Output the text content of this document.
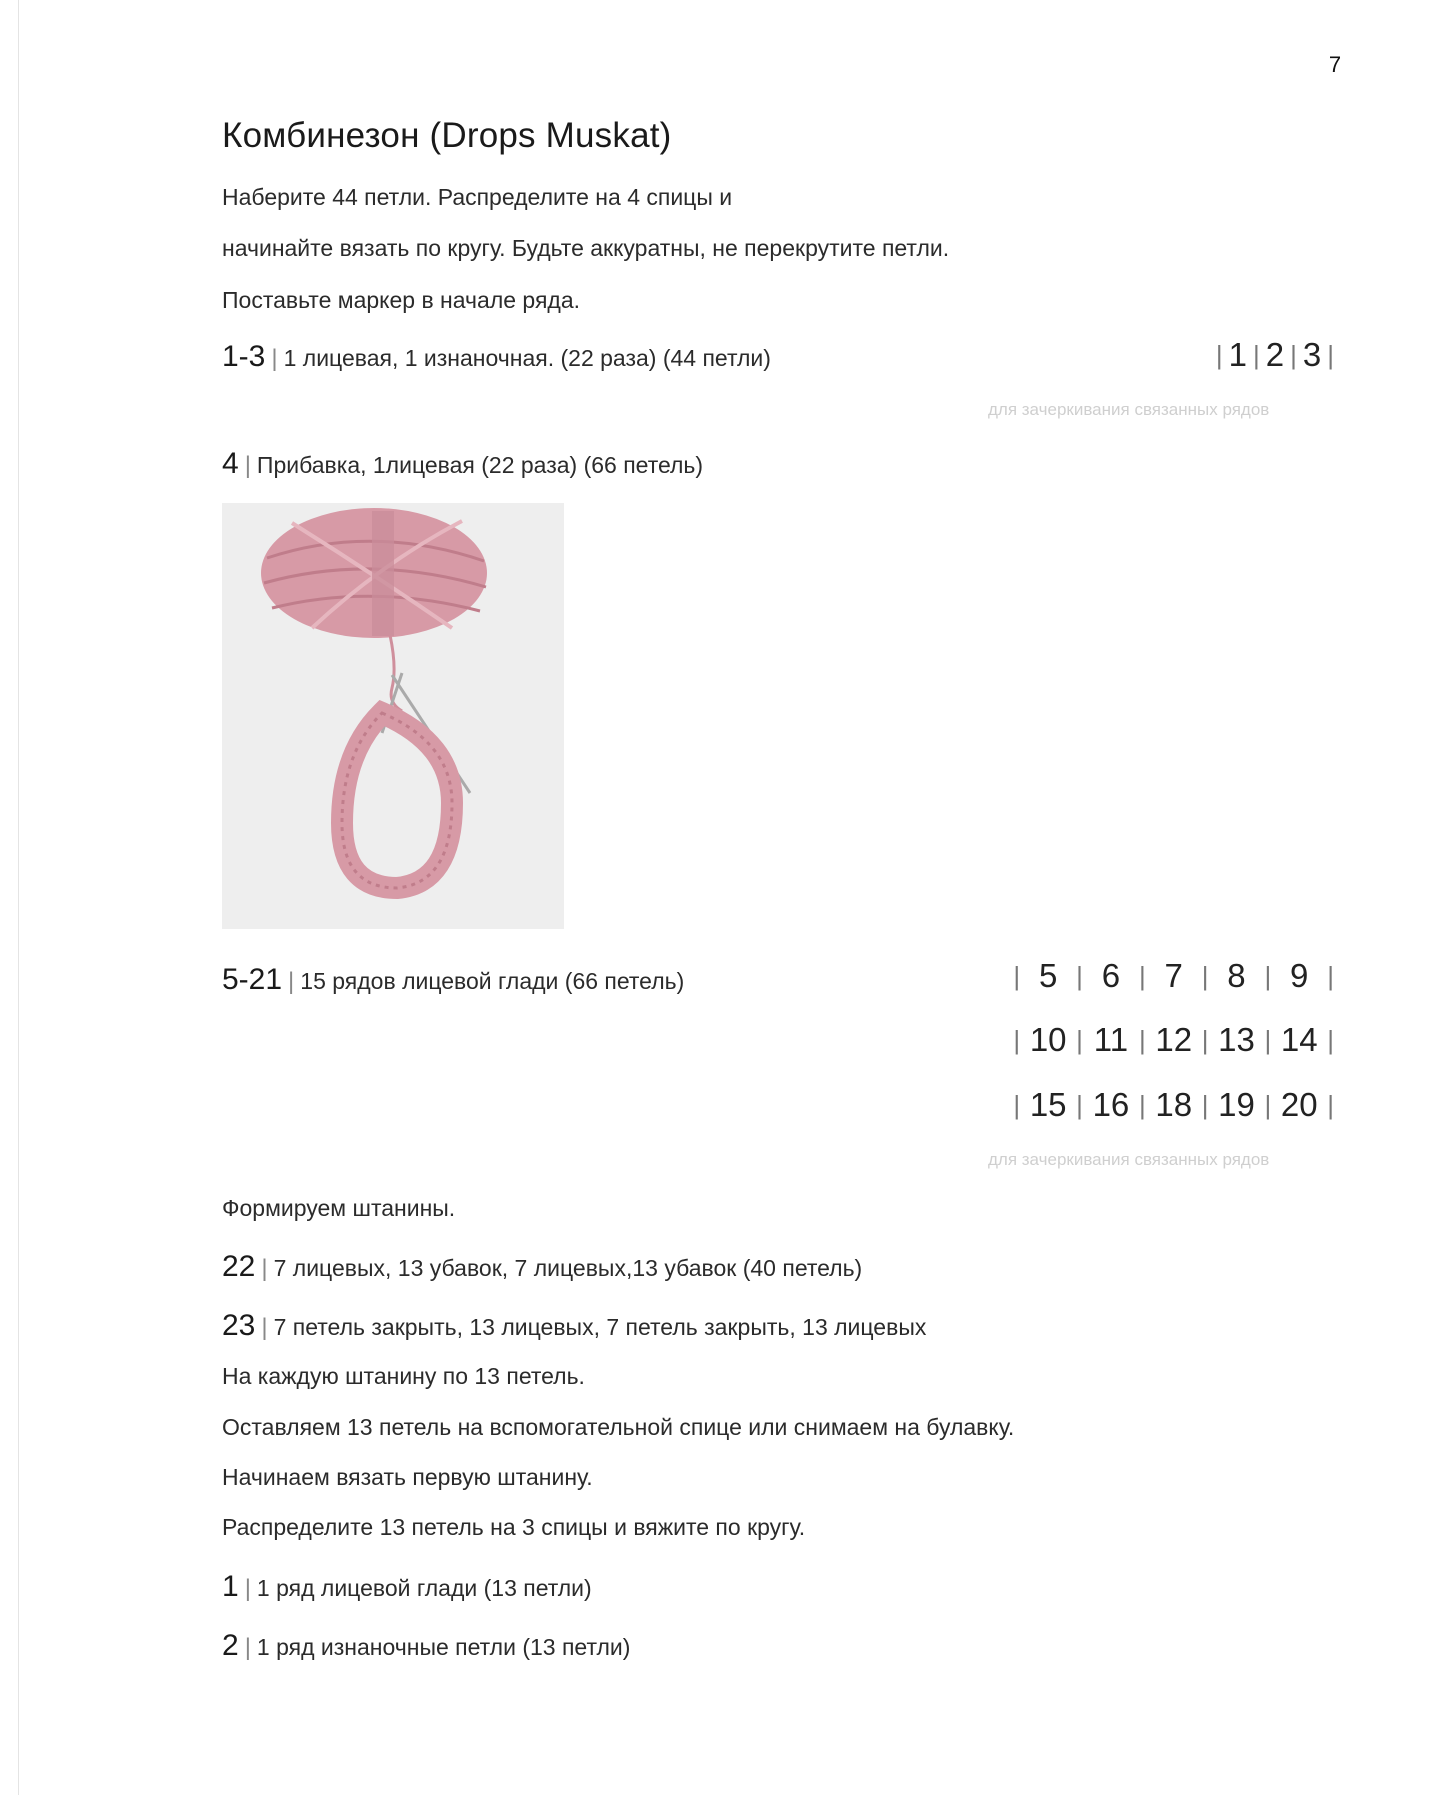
7
Комбинезон (Drops Muskat)

Наберите 44 петли. Распределите на 4 спицы и

начинайте вязать по кругу. Будьте аккуратны, не перекрутите петли.

Поставьте маркер в начале ряда.

1-3 | 1 лицевая, 1 изнаночная. (22 раза) (44 петли)	| 1 | 2 | 3 |
для зачеркивания связанных рядов
4 | Прибавка, 1лицевая (22 раза) (66 петель)
5-21 | 15 рядов лицевой глади (66 петель)	| 5 | 6 | 7 | 8 | 9 |
| 10 | 11 | 12 | 13 | 14 |
| 15 | 16 | 18 | 19 | 20 |
для зачеркивания связанных рядов

Формируем штанины.

22 | 7 лицевых, 13 убавок, 7 лицевых,13 убавок (40 петель)
23 | 7 петель закрыть, 13 лицевых, 7 петель закрыть, 13 лицевых

На каждую штанину по 13 петель.

Оставляем 13 петель на вспомогательной спице или снимаем на булавку.

Начинаем вязать первую штанину.

Распределите 13 петель на 3 спицы и вяжите по кругу.

1 | 1 ряд лицевой глади (13 петли)
2 | 1 ряд изнаночные петли (13 петли)
